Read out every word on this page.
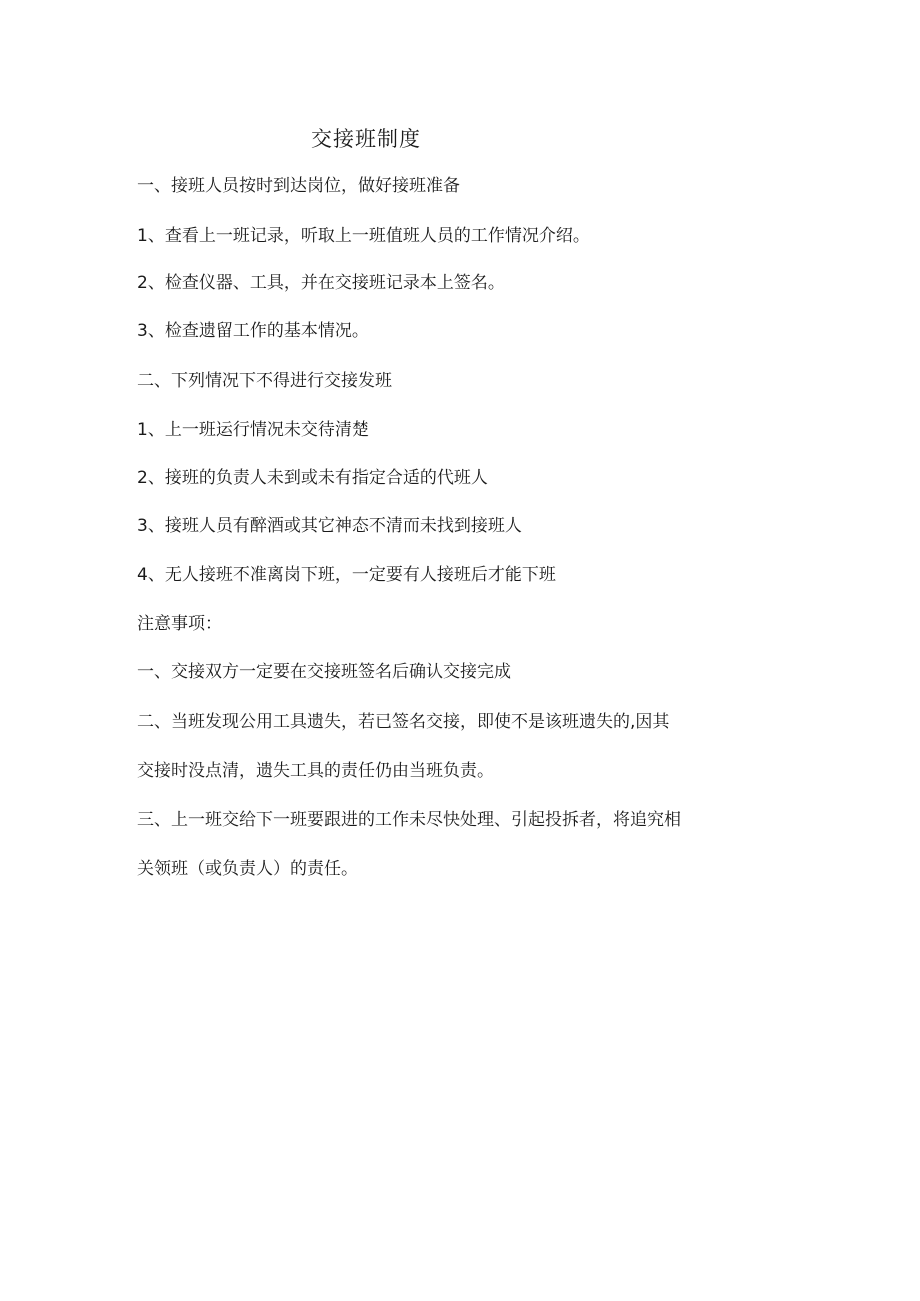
交接班制度

一、接班人员按时到达岗位，做好接班准备

1、查看上一班记录，听取上一班值班人员的工作情况介绍。

2、检查仪器、工具，并在交接班记录本上签名。

3、检查遗留工作的基本情况。

二、下列情况下不得进行交接发班

1、上一班运行情况未交待清楚

2、接班的负责人未到或未有指定合适的代班人

3、接班人员有醉酒或其它神态不清而未找到接班人

4、无人接班不准离岗下班，一定要有人接班后才能下班

注意事项：

一、交接双方一定要在交接班签名后确认交接完成

二、当班发现公用工具遗失，若已签名交接，即使不是该班遗失的,因其

交接时没点清，遗失工具的责任仍由当班负责。

三、上一班交给下一班要跟进的工作未尽快处理、引起投拆者，将追究相

关领班（或负责人）的责任。
